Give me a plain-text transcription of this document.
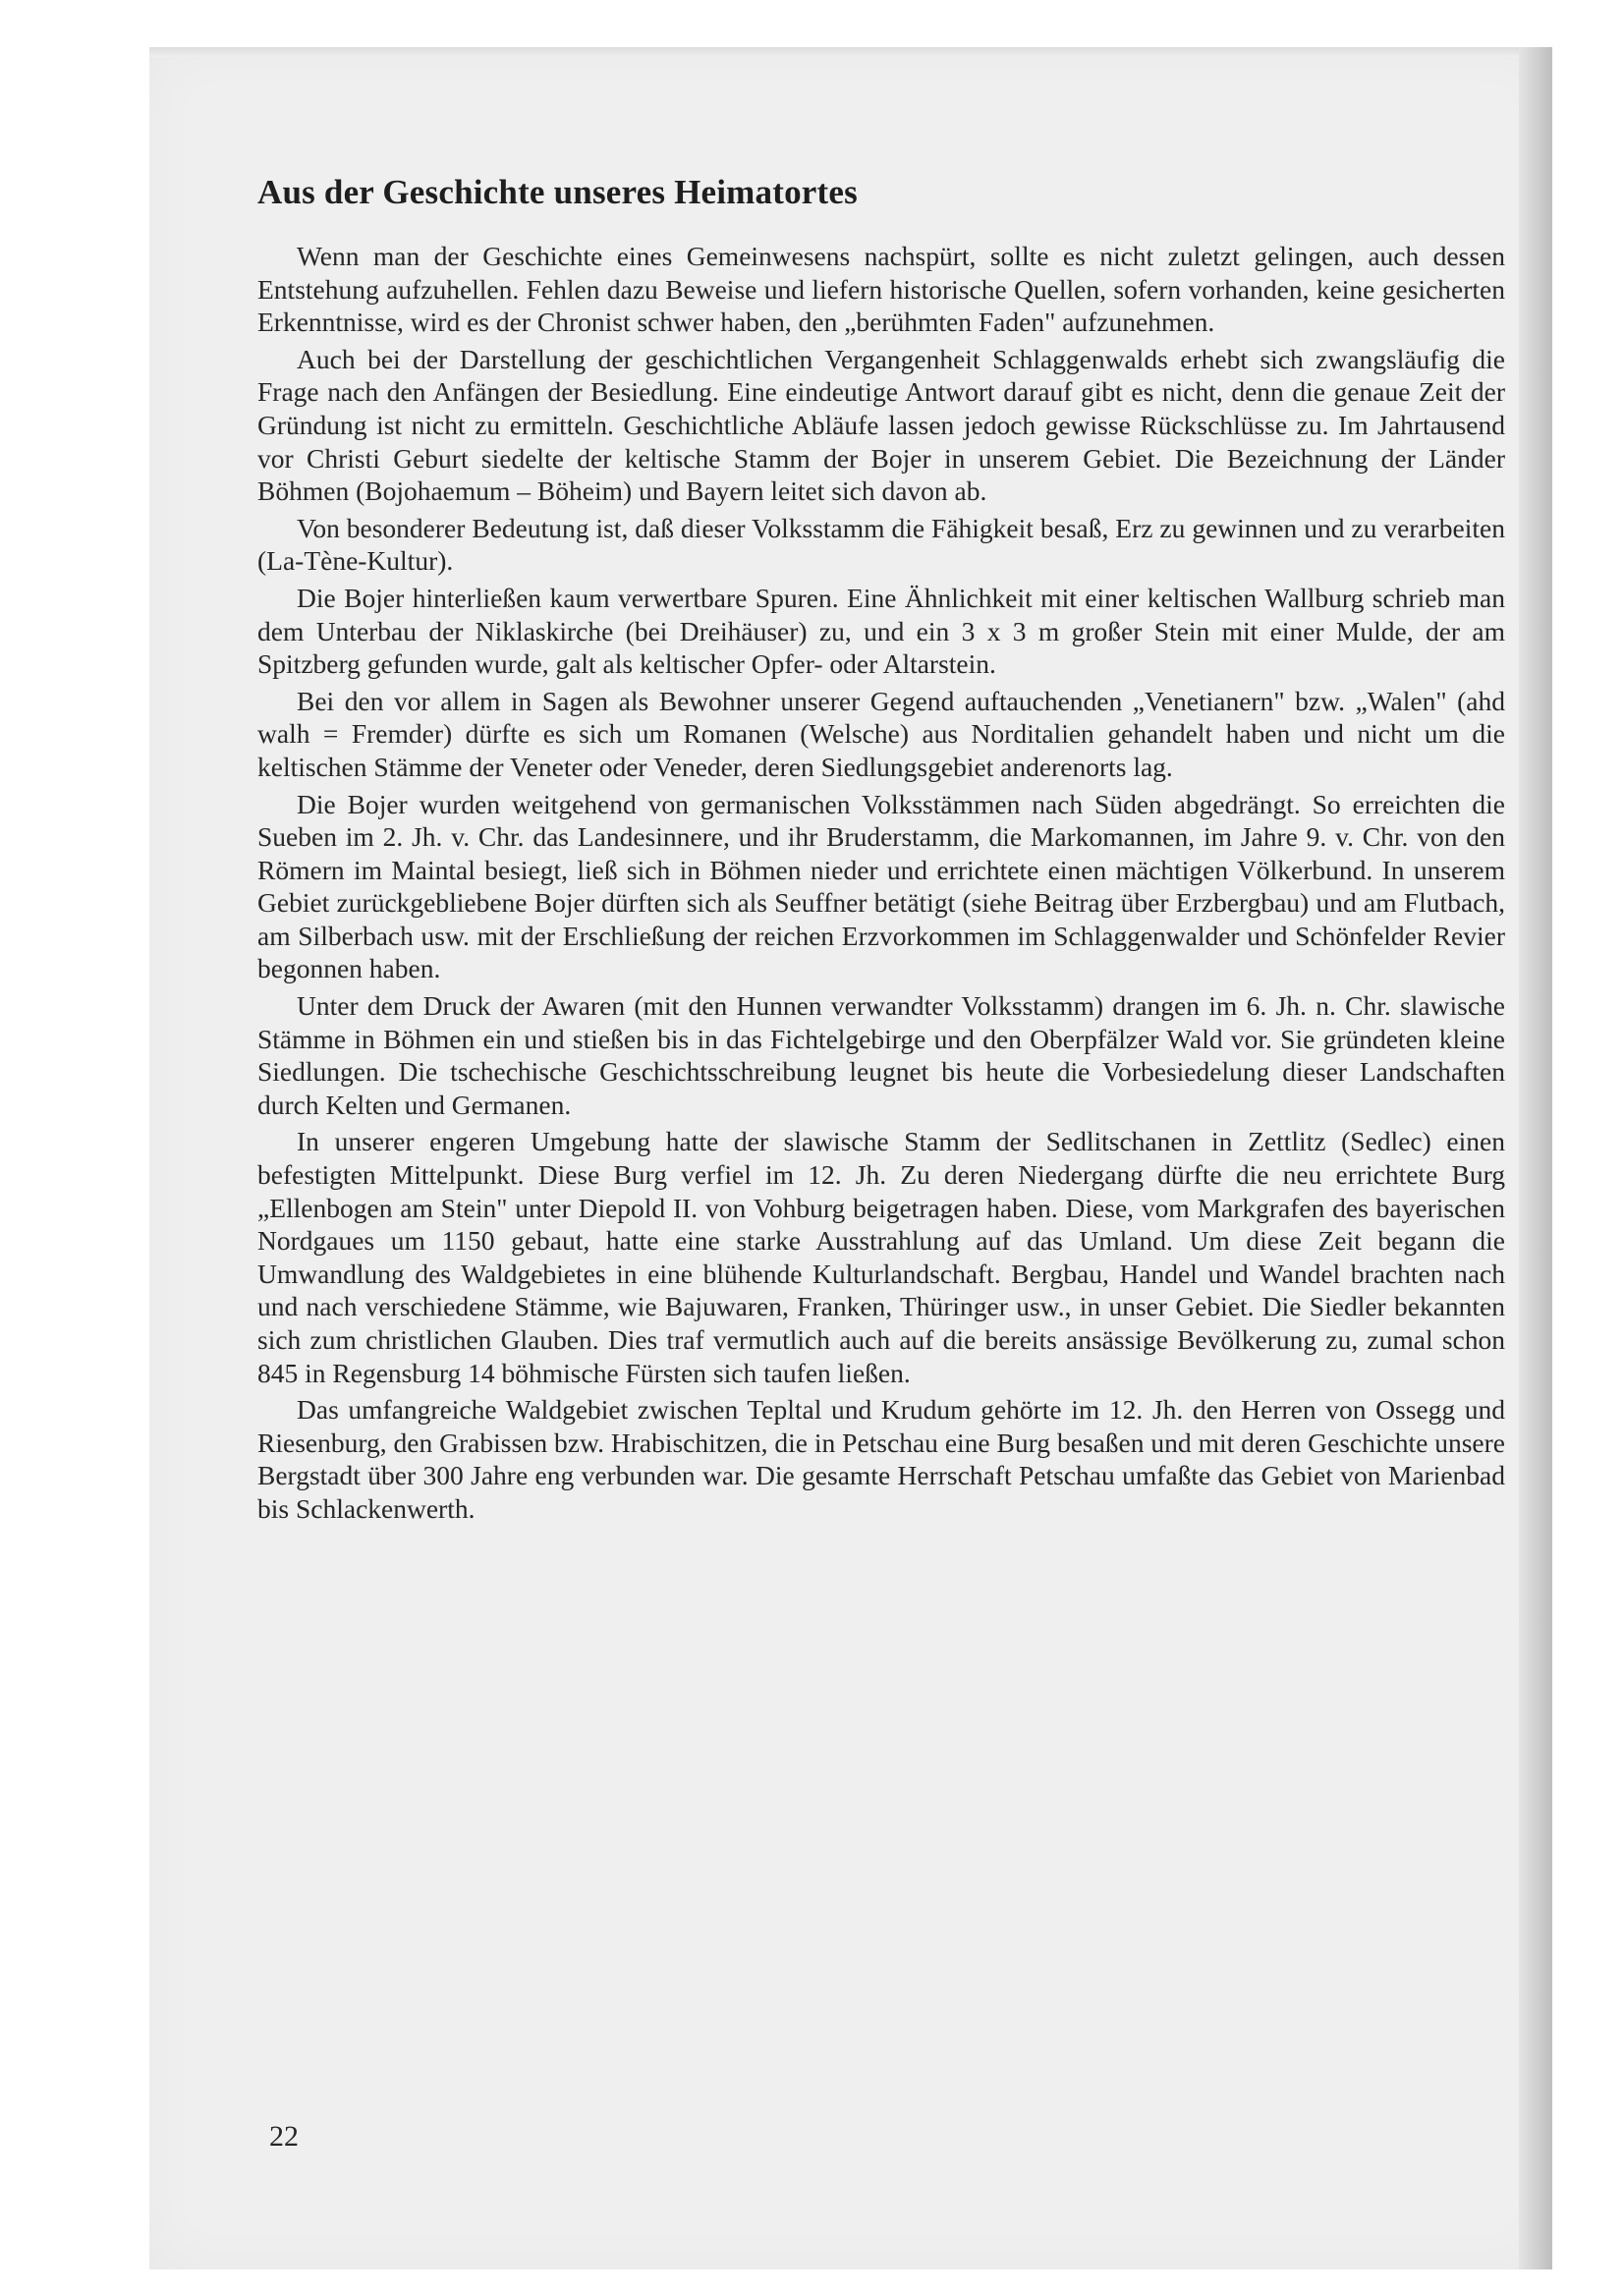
Aus der Geschichte unseres Heimatortes

Wenn man der Geschichte eines Gemeinwesens nachspürt, sollte es nicht zuletzt gelingen, auch dessen Entstehung aufzuhellen. Fehlen dazu Beweise und liefern historische Quellen, sofern vorhanden, keine gesicherten Erkenntnisse, wird es der Chronist schwer haben, den „berühmten Faden" aufzunehmen.

Auch bei der Darstellung der geschichtlichen Vergangenheit Schlaggenwalds erhebt sich zwangsläufig die Frage nach den Anfängen der Besiedlung. Eine eindeutige Antwort darauf gibt es nicht, denn die genaue Zeit der Gründung ist nicht zu ermitteln. Geschichtliche Abläufe lassen jedoch gewisse Rückschlüsse zu. Im Jahrtausend vor Christi Geburt siedelte der keltische Stamm der Bojer in unserem Gebiet. Die Bezeichnung der Länder Böhmen (Bojohaemum – Böheim) und Bayern leitet sich davon ab.

Von besonderer Bedeutung ist, daß dieser Volksstamm die Fähigkeit besaß, Erz zu gewinnen und zu verarbeiten (La-Tène-Kultur).

Die Bojer hinterließen kaum verwertbare Spuren. Eine Ähnlichkeit mit einer keltischen Wallburg schrieb man dem Unterbau der Niklaskirche (bei Dreihäuser) zu, und ein 3 x 3 m großer Stein mit einer Mulde, der am Spitzberg gefunden wurde, galt als keltischer Opfer- oder Altarstein.

Bei den vor allem in Sagen als Bewohner unserer Gegend auftauchenden „Venetianern" bzw. „Walen" (ahd walh = Fremder) dürfte es sich um Romanen (Welsche) aus Norditalien gehandelt haben und nicht um die keltischen Stämme der Veneter oder Veneder, deren Siedlungsgebiet anderenorts lag.

Die Bojer wurden weitgehend von germanischen Volksstämmen nach Süden abgedrängt. So erreichten die Sueben im 2. Jh. v. Chr. das Landesinnere, und ihr Bruderstamm, die Markomannen, im Jahre 9. v. Chr. von den Römern im Maintal besiegt, ließ sich in Böhmen nieder und errichtete einen mächtigen Völkerbund. In unserem Gebiet zurückgebliebene Bojer dürften sich als Seuffner betätigt (siehe Beitrag über Erzbergbau) und am Flutbach, am Silberbach usw. mit der Erschließung der reichen Erzvorkommen im Schlaggenwalder und Schönfelder Revier begonnen haben.

Unter dem Druck der Awaren (mit den Hunnen verwandter Volksstamm) drangen im 6. Jh. n. Chr. slawische Stämme in Böhmen ein und stießen bis in das Fichtelgebirge und den Oberpfälzer Wald vor. Sie gründeten kleine Siedlungen. Die tschechische Geschichtsschreibung leugnet bis heute die Vorbesiedelung dieser Landschaften durch Kelten und Germanen.

In unserer engeren Umgebung hatte der slawische Stamm der Sedlitschanen in Zettlitz (Sedlec) einen befestigten Mittelpunkt. Diese Burg verfiel im 12. Jh. Zu deren Niedergang dürfte die neu errichtete Burg „Ellenbogen am Stein" unter Diepold II. von Vohburg beigetragen haben. Diese, vom Markgrafen des bayerischen Nordgaues um 1150 gebaut, hatte eine starke Ausstrahlung auf das Umland. Um diese Zeit begann die Umwandlung des Waldgebietes in eine blühende Kulturlandschaft. Bergbau, Handel und Wandel brachten nach und nach verschiedene Stämme, wie Bajuwaren, Franken, Thüringer usw., in unser Gebiet. Die Siedler bekannten sich zum christlichen Glauben. Dies traf vermutlich auch auf die bereits ansässige Bevölkerung zu, zumal schon 845 in Regensburg 14 böhmische Fürsten sich taufen ließen.

Das umfangreiche Waldgebiet zwischen Tepltal und Krudum gehörte im 12. Jh. den Herren von Ossegg und Riesenburg, den Grabissen bzw. Hrabischitzen, die in Petschau eine Burg besaßen und mit deren Geschichte unsere Bergstadt über 300 Jahre eng verbunden war. Die gesamte Herrschaft Petschau umfaßte das Gebiet von Marienbad bis Schlackenwerth.

22
